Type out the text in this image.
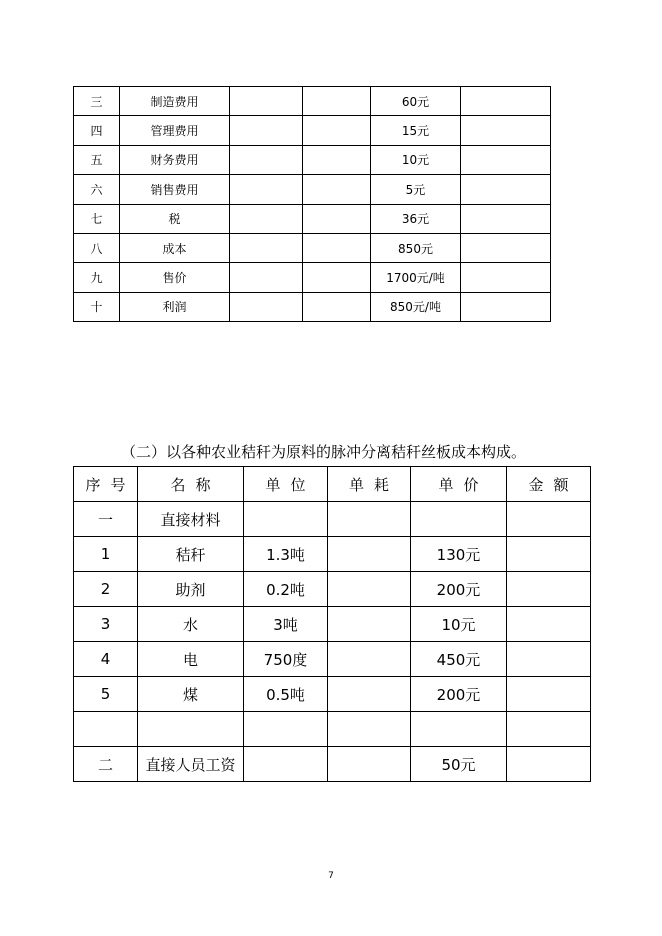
三	制造费用			60元	
四	管理费用			15元	
五	财务费用			10元	
六	销售费用			5元	
七	税			36元	
八	成本			850元	
九	售价			1700元/吨	
十	利润			850元/吨	
（二）以各种农业秸秆为原料的脉冲分离秸秆丝板成本构成。
序号	名称	单位	单耗	单价	金额
一	直接材料				
1	秸秆	1.3吨		130元	
2	助剂	0.2吨		200元	
3	水	3吨		10元	
4	电	750度		450元	
5	煤	0.5吨		200元	

二	直接人员工资			50元	
7
